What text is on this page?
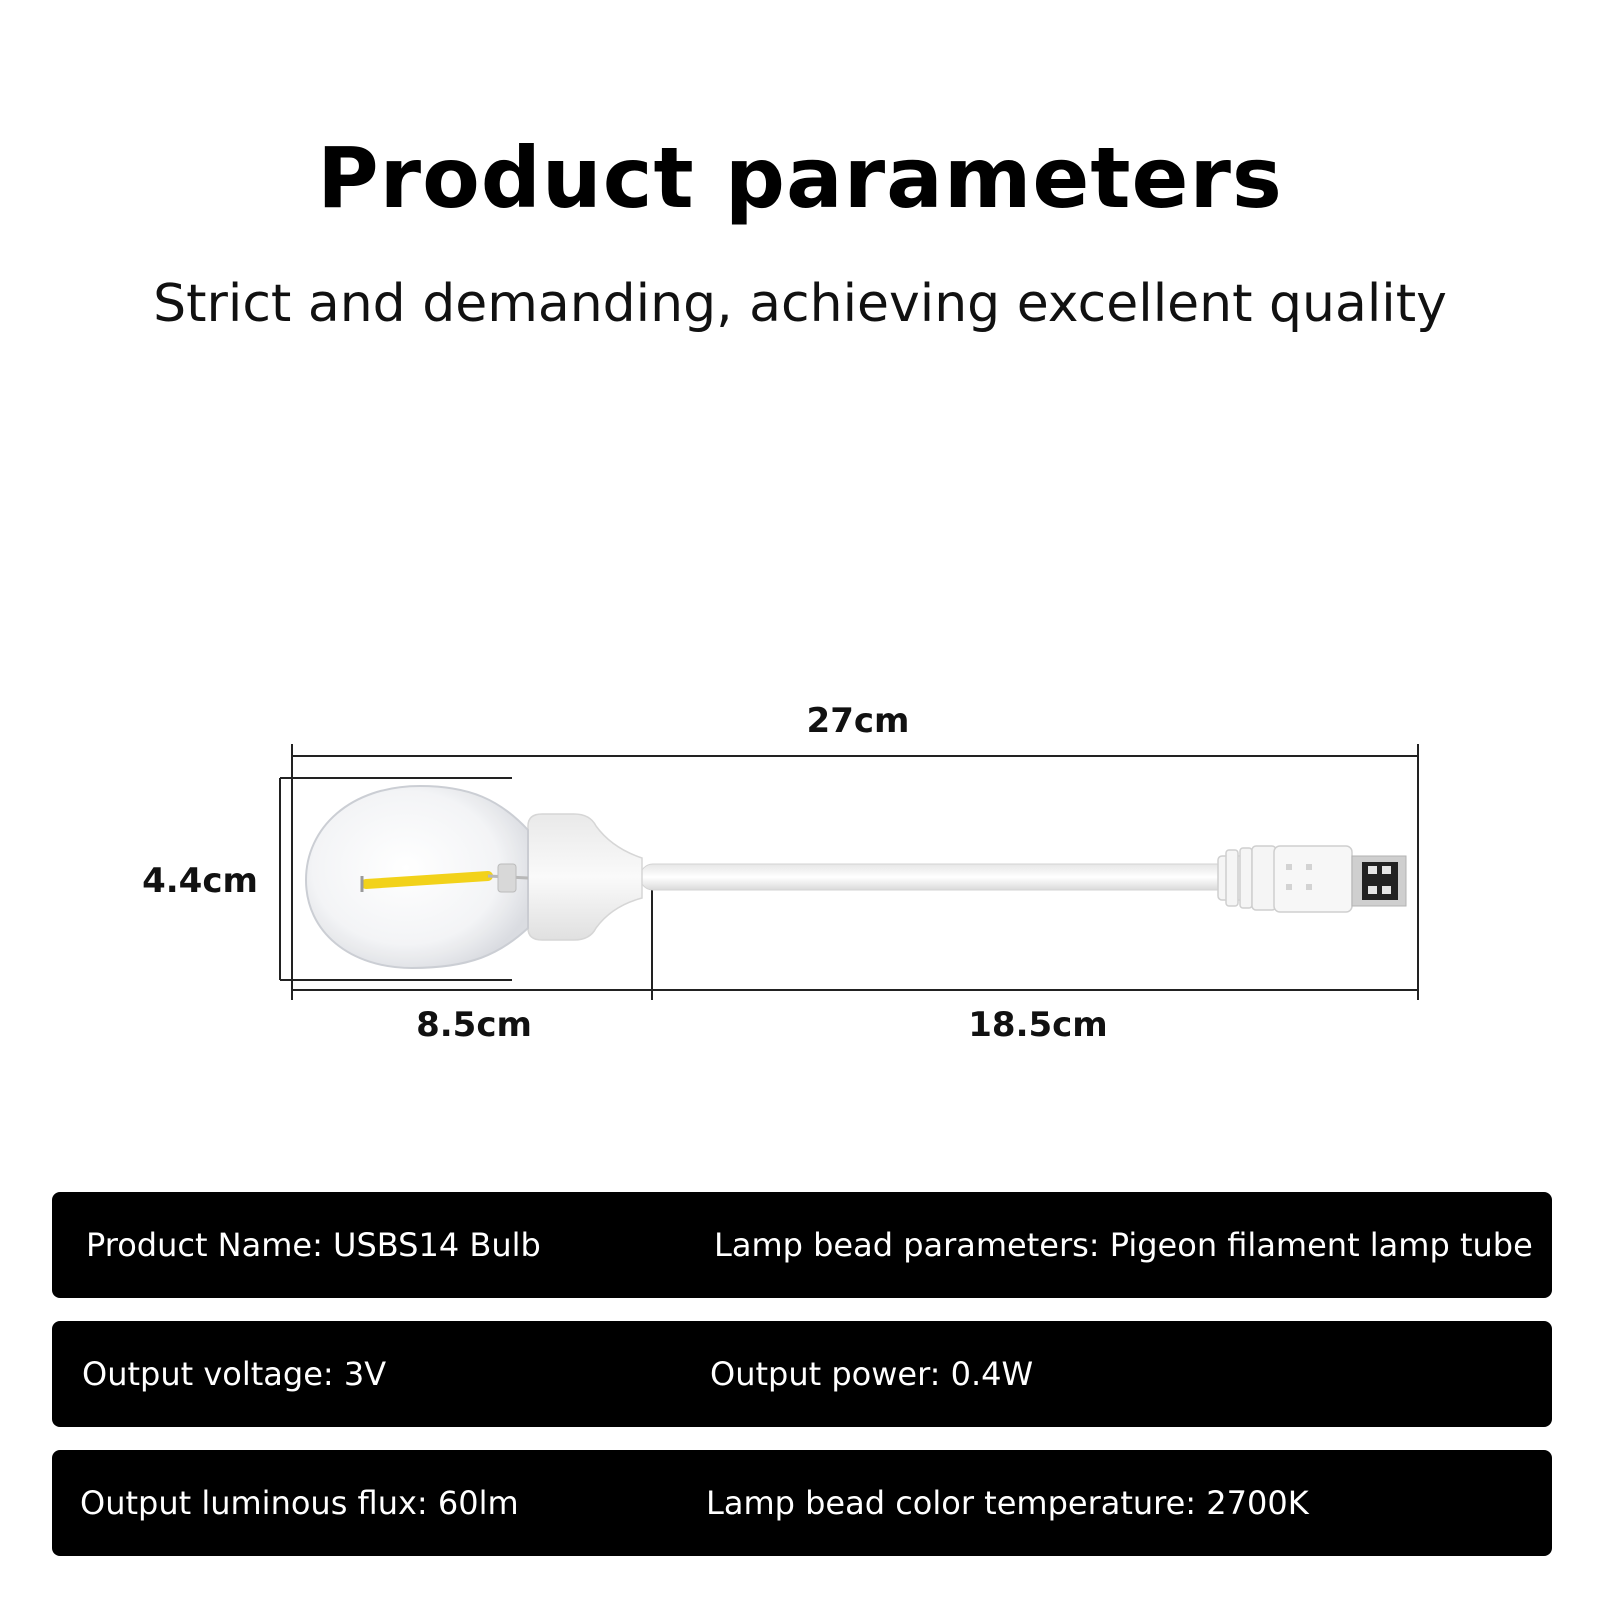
Product parameters
Strict and demanding, achieving excellent quality
27cm
4.4cm
8.5cm	18.5cm
Product Name: USBS14 Bulb	Lamp bead parameters: Pigeon filament lamp tube
Output voltage: 3V	Output power: 0.4W
Output luminous flux: 60lm	Lamp bead color temperature: 2700K
